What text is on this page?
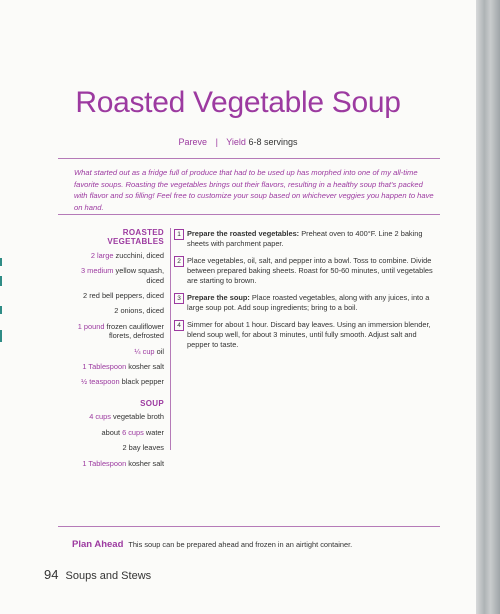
Roasted Vegetable Soup
Pareve | Yield 6-8 servings

What started out as a fridge full of produce that had to be used up has morphed into one of my all-time favorite soups. Roasting the vegetables brings out their flavors, resulting in a healthy soup that's packed with flavor and so filling! Feel free to customize your soup based on whichever veggies you happen to have on hand.

ROASTED VEGETABLES
2 large zucchini, diced
3 medium yellow squash, diced
2 red bell peppers, diced
2 onions, diced
1 pound frozen cauliflower florets, defrosted
¼ cup oil
1 Tablespoon kosher salt
½ teaspoon black pepper
SOUP
4 cups vegetable broth
about 6 cups water
2 bay leaves
1 Tablespoon kosher salt
1 Prepare the roasted vegetables: Preheat oven to 400°F. Line 2 baking sheets with parchment paper.
2 Place vegetables, oil, salt, and pepper into a bowl. Toss to combine. Divide between prepared baking sheets. Roast for 50-60 minutes, until vegetables are starting to brown.
3 Prepare the soup: Place roasted vegetables, along with any juices, into a large soup pot. Add soup ingredients; bring to a boil.
4 Simmer for about 1 hour. Discard bay leaves. Using an immersion blender, blend soup well, for about 3 minutes, until fully smooth. Adjust salt and pepper to taste.
Plan Ahead This soup can be prepared ahead and frozen in an airtight container.
94 Soups and Stews
